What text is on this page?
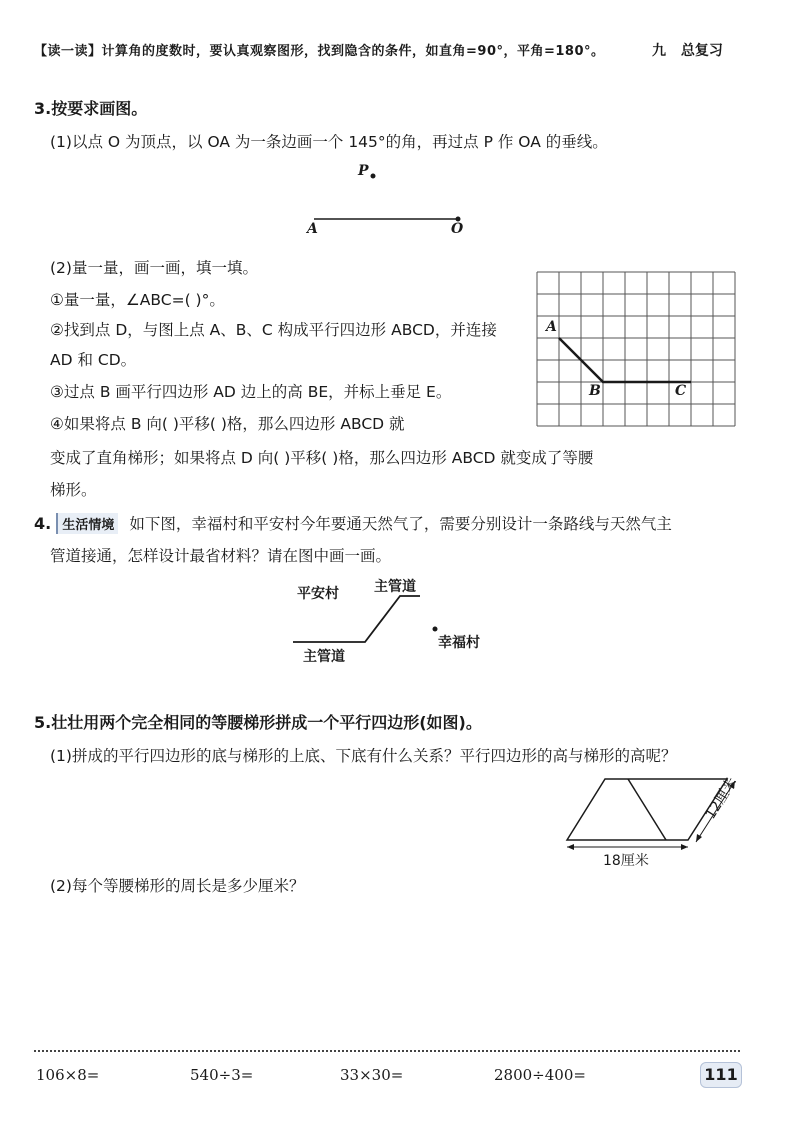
【读一读】计算角的度数时，要认真观察图形，找到隐含的条件，如直角=90°，平角=180°。	九 总复习
3.按要求画图。
(1)以点 O 为顶点，以 OA 为一条边画一个 145°的角，再过点 P 作 OA 的垂线。
P
A	O
(2)量一量，画一画，填一填。
①量一量，∠ABC=( )°。
②找到点 D，与图上点 A、B、C 构成平行四边形 ABCD，并连接
AD 和 CD。
③过点 B 画平行四边形 AD 边上的高 BE，并标上垂足 E。
④如果将点 B 向( )平移( )格，那么四边形 ABCD 就
变成了直角梯形；如果将点 D 向( )平移( )格，那么四边形 ABCD 就变成了等腰
梯形。
A
B	C
4. 生活情境 如下图，幸福村和平安村今年要通天然气了，需要分别设计一条路线与天然气主
管道接通，怎样设计最省材料？请在图中画一画。
平安村	主管道
主管道
幸福村
5.壮壮用两个完全相同的等腰梯形拼成一个平行四边形(如图)。
(1)拼成的平行四边形的底与梯形的上底、下底有什么关系？平行四边形的高与梯形的高呢？
18厘米
12厘米
(2)每个等腰梯形的周长是多少厘米？
106×8=	540÷3=	33×30=	2800÷400=	111
